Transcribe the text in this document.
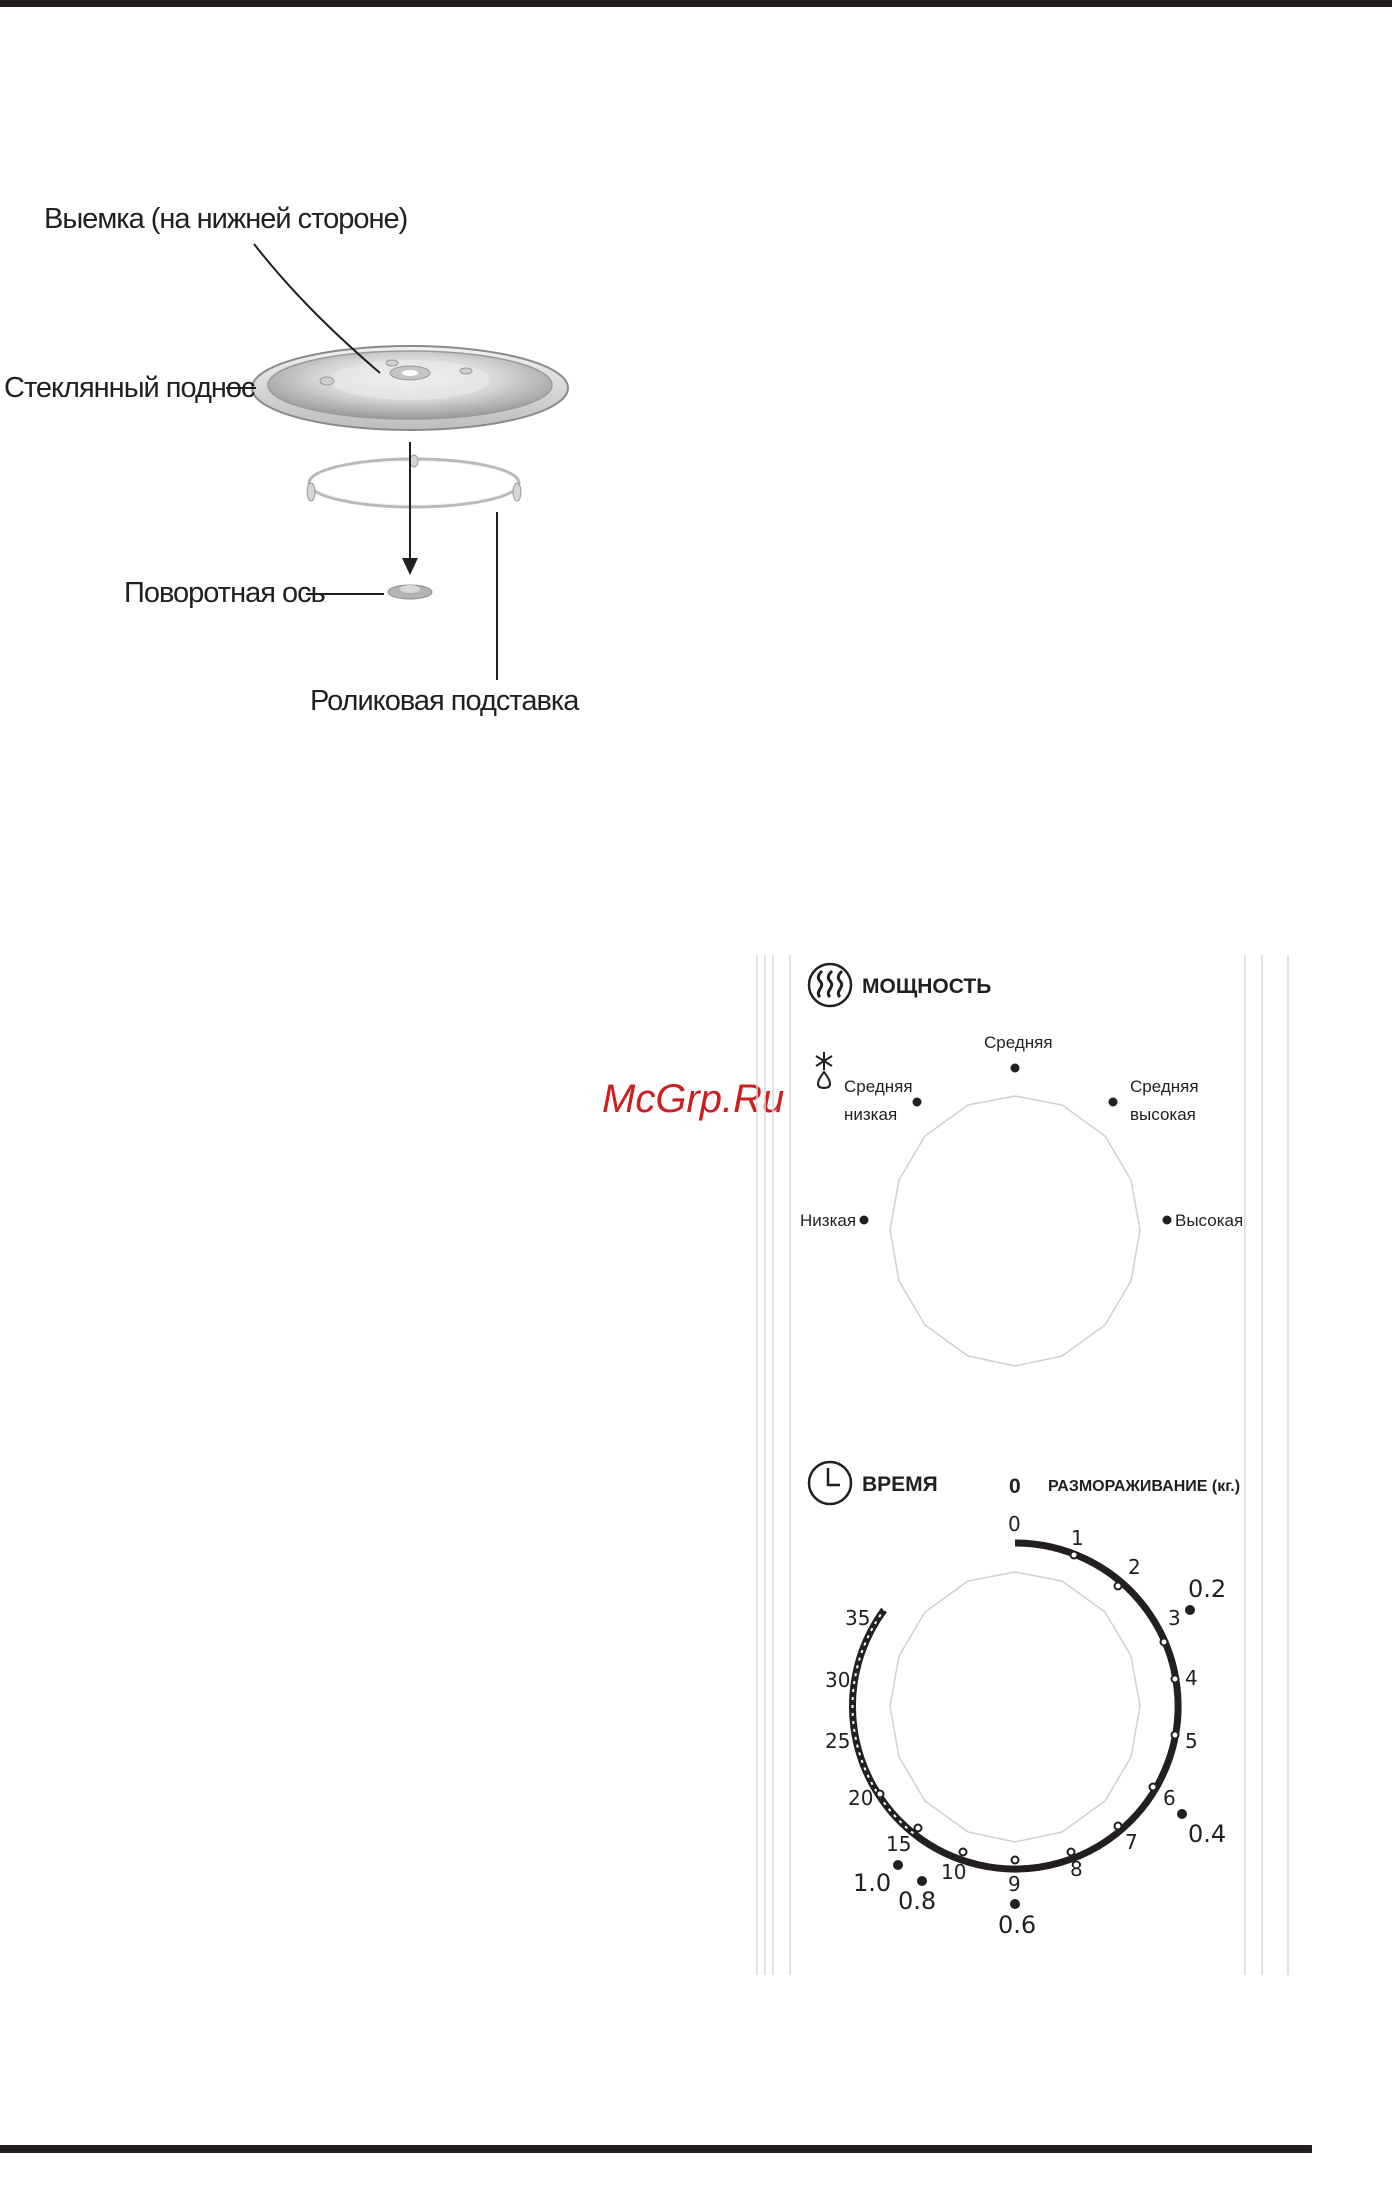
Выемка (на нижней стороне)
Стеклянный поднос
Поворотная ось
Роликовая подставка
McGrp.Ru
МОЩНОСТЬ
Средняя
Средняя
низкая
Средняя
высокая
Низкая	Высокая
ВРЕМЯ	0 РАЗМОРАЖИВАНИЕ (кг.)
0
1
2
3
4
5
6
7
8
9
10
15
20
25
30
35
0.2
0.4
0.6
0.8
1.0
